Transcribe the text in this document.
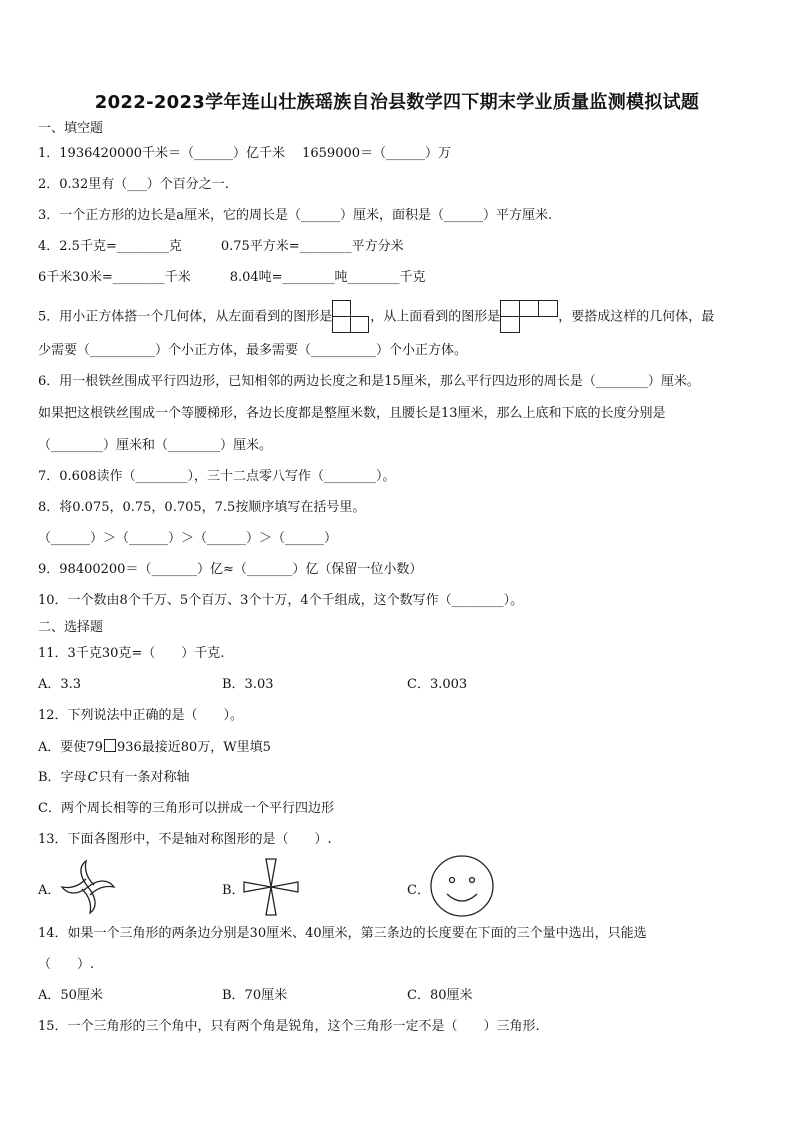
2022-2023学年连山壮族瑶族自治县数学四下期末学业质量监测模拟试题
一、填空题
1．1936420000千米＝（______）亿千米　 1659000＝（______）万
2．0.32里有（___）个百分之一.
3．一个正方形的边长是a厘米，它的周长是（______）厘米，面积是（______）平方厘米.
4．2.5千克=________克　　　0.75平方米=________平方分米
6千米30米=________千米　　　8.04吨=________吨________千克
5．用小正方体搭一个几何体，从左面看到的图形是	，从上面看到的图形是	，要搭成这样的几何体，最
少需要（__________）个小正方体，最多需要（__________）个小正方体。
6．用一根铁丝围成平行四边形，已知相邻的两边长度之和是15厘米，那么平行四边形的周长是（________）厘米。
如果把这根铁丝围成一个等腰梯形，各边长度都是整厘米数，且腰长是13厘米，那么上底和下底的长度分别是
（________）厘米和（________）厘米。
7．0.608读作（________），三十二点零八写作（________）。
8．将0.075，0.75，0.705，7.5按顺序填写在括号里。
（______）＞（______）＞（______）＞（______）
9．98400200＝（_______）亿≈（_______）亿（保留一位小数）
10．一个数由8个千万、5个百万、3个十万，4个千组成，这个数写作（________）。
二、选择题
11．3千克30克=（　　）千克.
A．3.3	B．3.03	C．3.003
12．下列说法中正确的是（　　）。
A．要使79 936最接近80万，W里填5
B．字母C只有一条对称轴
C．两个周长相等的三角形可以拼成一个平行四边形
13．下面各图形中，不是轴对称图形的是（　　）.
A．	B．	C．
14．如果一个三角形的两条边分别是30厘米、40厘米，第三条边的长度要在下面的三个量中选出，只能选
（　　）.
A．50厘米	B．70厘米	C．80厘米
15．一个三角形的三个角中，只有两个角是锐角，这个三角形一定不是（　　）三角形.
